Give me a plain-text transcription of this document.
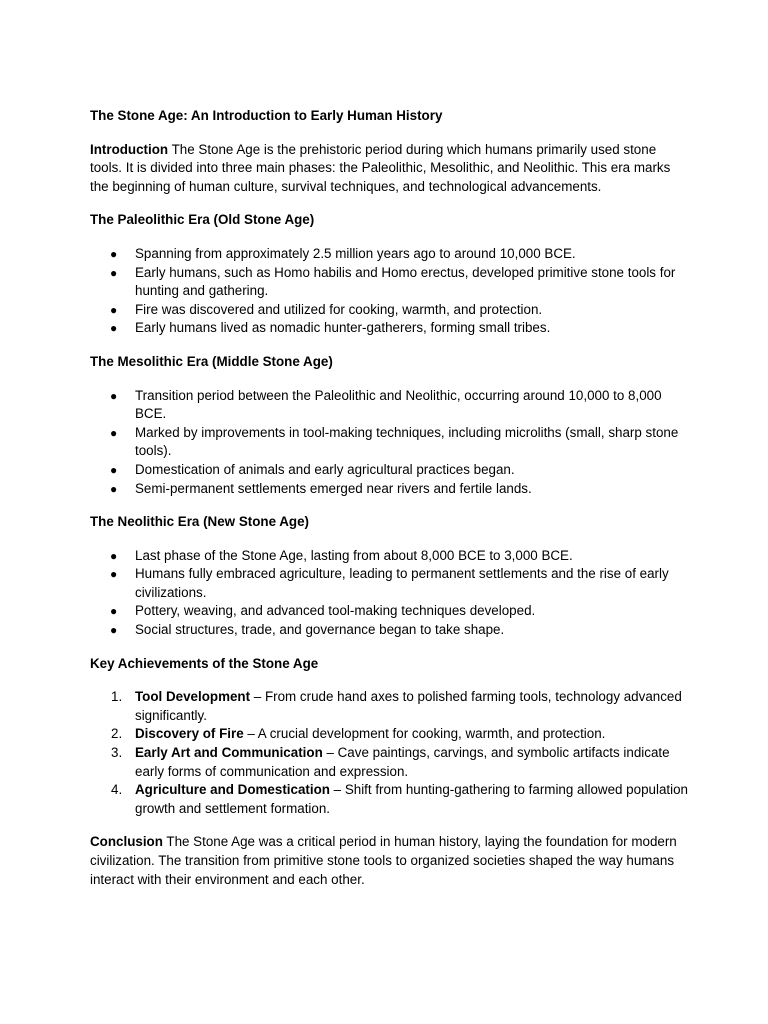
The Stone Age: An Introduction to Early Human History

Introduction The Stone Age is the prehistoric period during which humans primarily used stone tools. It is divided into three main phases: the Paleolithic, Mesolithic, and Neolithic. This era marks the beginning of human culture, survival techniques, and technological advancements.

The Paleolithic Era (Old Stone Age)

● Spanning from approximately 2.5 million years ago to around 10,000 BCE.
● Early humans, such as Homo habilis and Homo erectus, developed primitive stone tools for hunting and gathering.
● Fire was discovered and utilized for cooking, warmth, and protection.
● Early humans lived as nomadic hunter-gatherers, forming small tribes.

The Mesolithic Era (Middle Stone Age)

● Transition period between the Paleolithic and Neolithic, occurring around 10,000 to 8,000 BCE.
● Marked by improvements in tool-making techniques, including microliths (small, sharp stone tools).
● Domestication of animals and early agricultural practices began.
● Semi-permanent settlements emerged near rivers and fertile lands.

The Neolithic Era (New Stone Age)

● Last phase of the Stone Age, lasting from about 8,000 BCE to 3,000 BCE.
● Humans fully embraced agriculture, leading to permanent settlements and the rise of early civilizations.
● Pottery, weaving, and advanced tool-making techniques developed.
● Social structures, trade, and governance began to take shape.

Key Achievements of the Stone Age

1. Tool Development – From crude hand axes to polished farming tools, technology advanced significantly.
2. Discovery of Fire – A crucial development for cooking, warmth, and protection.
3. Early Art and Communication – Cave paintings, carvings, and symbolic artifacts indicate early forms of communication and expression.
4. Agriculture and Domestication – Shift from hunting-gathering to farming allowed population growth and settlement formation.

Conclusion The Stone Age was a critical period in human history, laying the foundation for modern civilization. The transition from primitive stone tools to organized societies shaped the way humans interact with their environment and each other.
